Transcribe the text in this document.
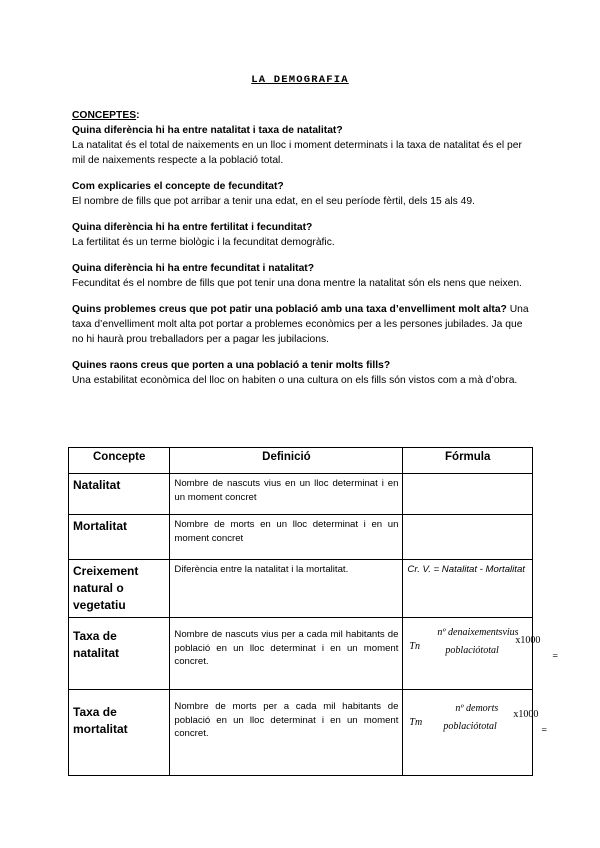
LA DEMOGRAFIA
CONCEPTES:

Quina diferència hi ha entre natalitat i taxa de natalitat?

La natalitat és el total de naixements en un lloc i moment determinats i la taxa de natalitat és el per mil de naixements respecte a la població total.

Com explicaries el concepte de fecunditat?

El nombre de fills que pot arribar a tenir una edat, en el seu període fèrtil, dels 15 als 49.

Quina diferència hi ha entre fertilitat i fecunditat?

La fertilitat és un terme biològic i la fecunditat demogràfic.

Quina diferència hi ha entre fecunditat i natalitat?

Fecunditat és el nombre de fills que pot tenir una dona mentre la natalitat són els nens que neixen.

Quins problemes creus que pot patir una població amb una taxa d’envelliment molt alta? Una taxa d’envelliment molt alta pot portar a problemes econòmics per a les persones jubilades. Ja que no hi haurà prou treballadors per a pagar les jubilacions.

Quines raons creus que porten a una població a tenir molts fills?

Una estabilitat econòmica del lloc on habiten o una cultura on els fills són vistos com a mà d’obra.

Concepte	Definició	Fórmula
Natalitat	Nombre de nascuts vius en un lloc determinat i en un moment concret	
Mortalitat	Nombre de morts en un lloc determinat i en un moment concret	
Creixement natural o vegetatiu	Diferència entre la natalitat i la mortalitat.	Cr. V. = Natalitat - Mortalitat
Taxa de natalitat	Nombre de nascuts vius per a cada mil habitants de població en un lloc determinat i en un moment concret.	Tn
nº denaixementsvius
poblaciótotal
x1000
=

Taxa de mortalitat	Nombre de morts per a cada mil habitants de població en un lloc determinat i en un moment concret.	Tm
nº demorts
poblaciótotal
x1000
=
